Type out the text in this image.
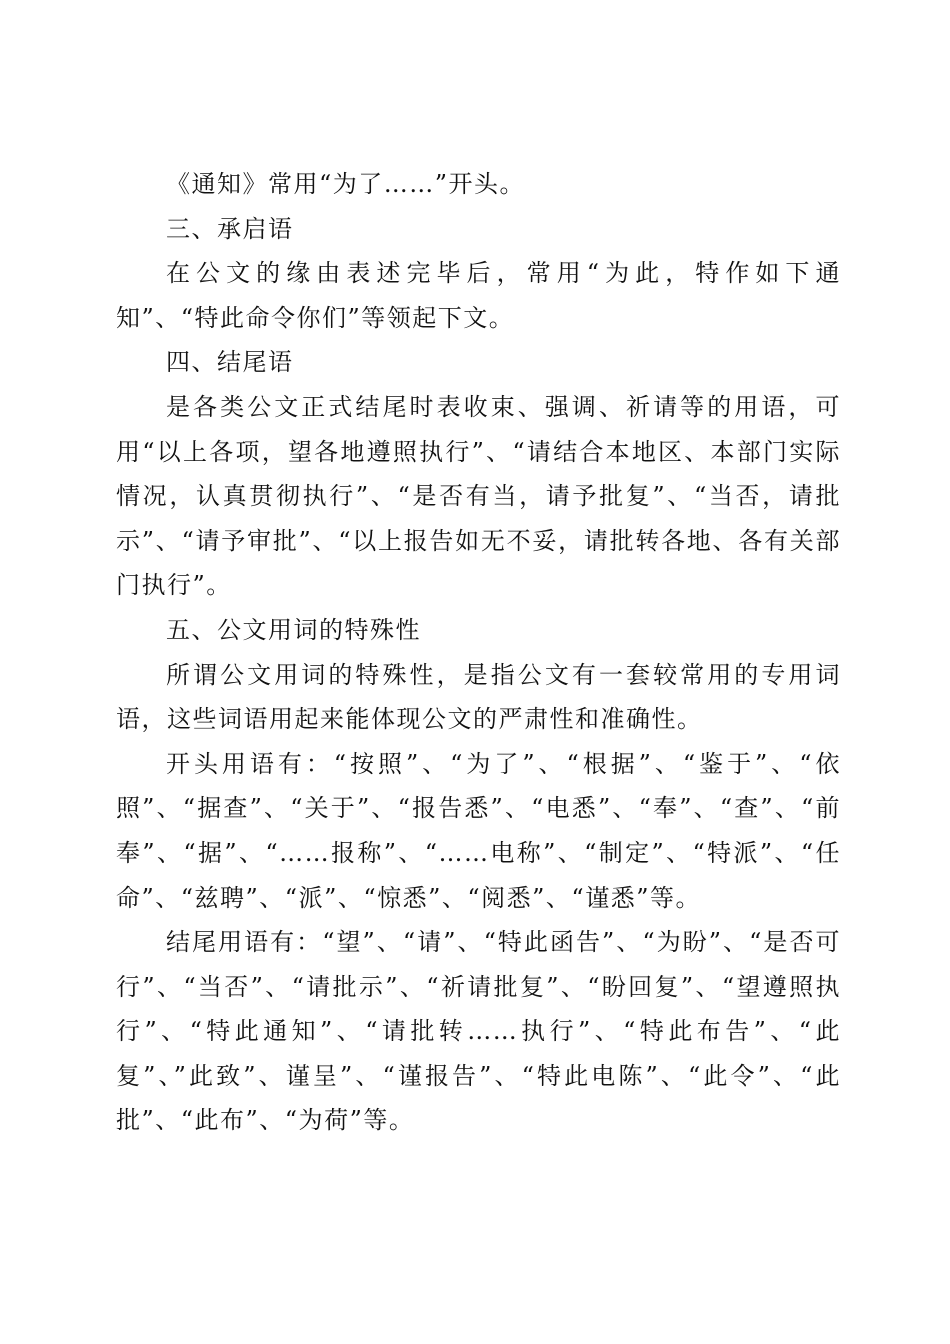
《通知》常用“为了……”开头。

三、承启语

在公文的缘由表述完毕后，常用“为此，特作如下通知”、“特此命令你们”等领起下文。

四、结尾语

是各类公文正式结尾时表收束、强调、祈请等的用语，可用“以上各项，望各地遵照执行”、“请结合本地区、本部门实际情况，认真贯彻执行”、“是否有当，请予批复”、“当否，请批示”、“请予审批”、“以上报告如无不妥，请批转各地、各有关部门执行”。

五、公文用词的特殊性

所谓公文用词的特殊性，是指公文有一套较常用的专用词语，这些词语用起来能体现公文的严肃性和准确性。

开头用语有：“按照”、“为了”、“根据”、“鉴于”、“依照”、“据查”、“关于”、“报告悉”、“电悉”、“奉”、“查”、“前奉”、“据”、“……报称”、“……电称”、“制定”、“特派”、“任命”、“兹聘”、“派”、“惊悉”、“阅悉”、“谨悉”等。

结尾用语有：“望”、“请”、“特此函告”、“为盼”、“是否可行”、“当否”、“请批示”、“祈请批复”、“盼回复”、“望遵照执行”、“特此通知”、“请批转……执行”、“特此布告”、“此复”、”此致”、谨呈”、“谨报告”、“特此电陈”、“此令”、“此批”、“此布”、“为荷”等。
